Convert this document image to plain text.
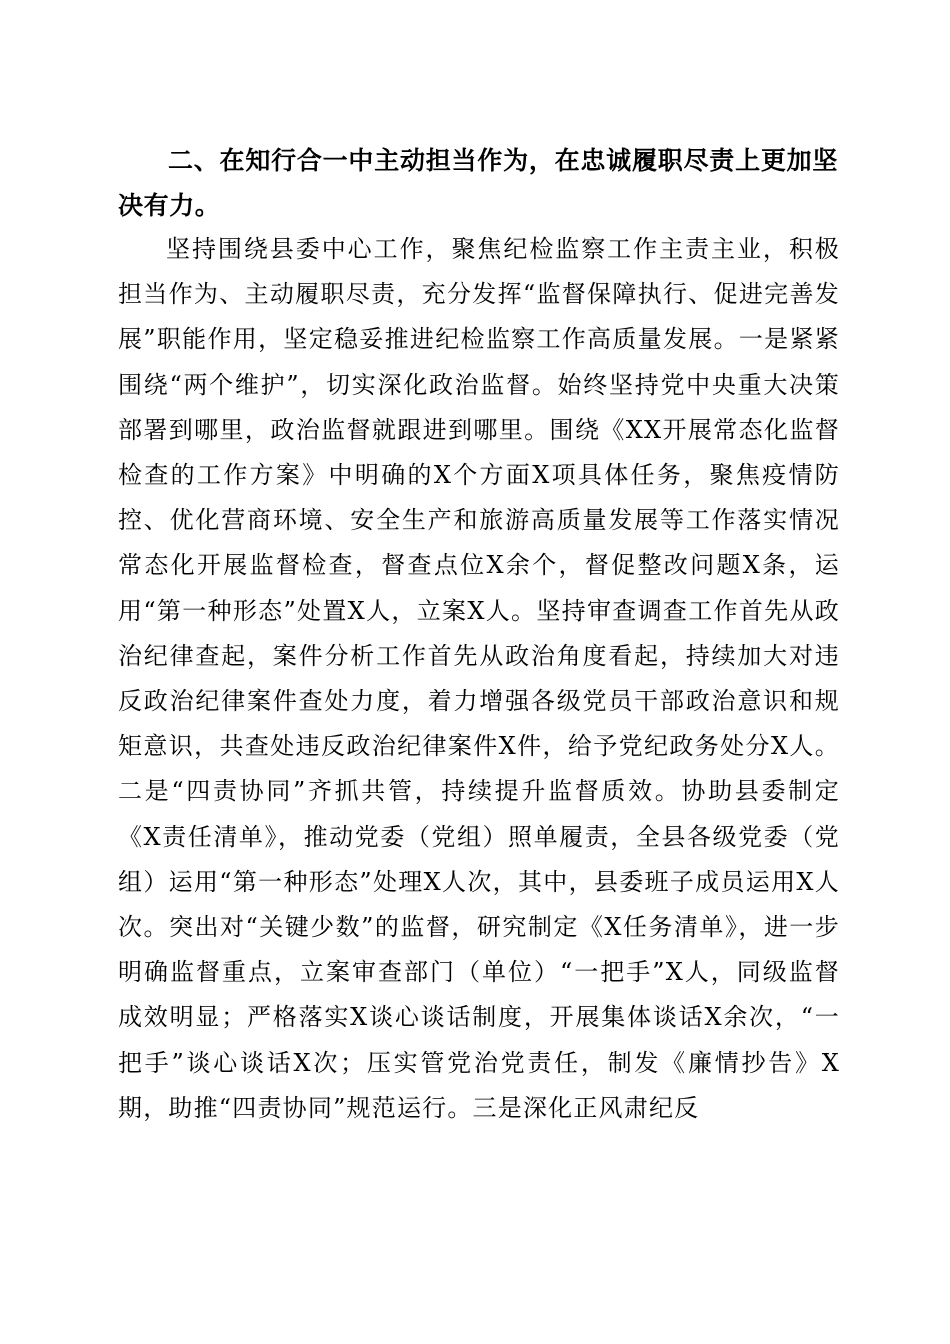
二、在知行合一中主动担当作为，在忠诚履职尽责上更加坚决有力。

坚持围绕县委中心工作，聚焦纪检监察工作主责主业，积极担当作为、主动履职尽责，充分发挥“监督保障执行、促进完善发展”职能作用，坚定稳妥推进纪检监察工作高质量发展。一是紧紧围绕“两个维护”，切实深化政治监督。始终坚持党中央重大决策部署到哪里，政治监督就跟进到哪里。围绕《XX开展常态化监督检查的工作方案》中明确的X个方面X项具体任务，聚焦疫情防控、优化营商环境、安全生产和旅游高质量发展等工作落实情况常态化开展监督检查，督查点位X余个，督促整改问题X条，运用“第一种形态”处置X人，立案X人。坚持审查调查工作首先从政治纪律查起，案件分析工作首先从政治角度看起，持续加大对违反政治纪律案件查处力度，着力增强各级党员干部政治意识和规矩意识，共查处违反政治纪律案件X件，给予党纪政务处分X人。二是“四责协同”齐抓共管，持续提升监督质效。协助县委制定《X责任清单》，推动党委（党组）照单履责，全县各级党委（党组）运用“第一种形态”处理X人次，其中，县委班子成员运用X人次。突出对“关键少数”的监督，研究制定《X任务清单》，进一步明确监督重点，立案审查部门（单位）“一把手”X人，同级监督成效明显；严格落实X谈心谈话制度，开展集体谈话X余次，“一把手”谈心谈话X次；压实管党治党责任，制发《廉情抄告》X期，助推“四责协同”规范运行。三是深化正风肃纪反
